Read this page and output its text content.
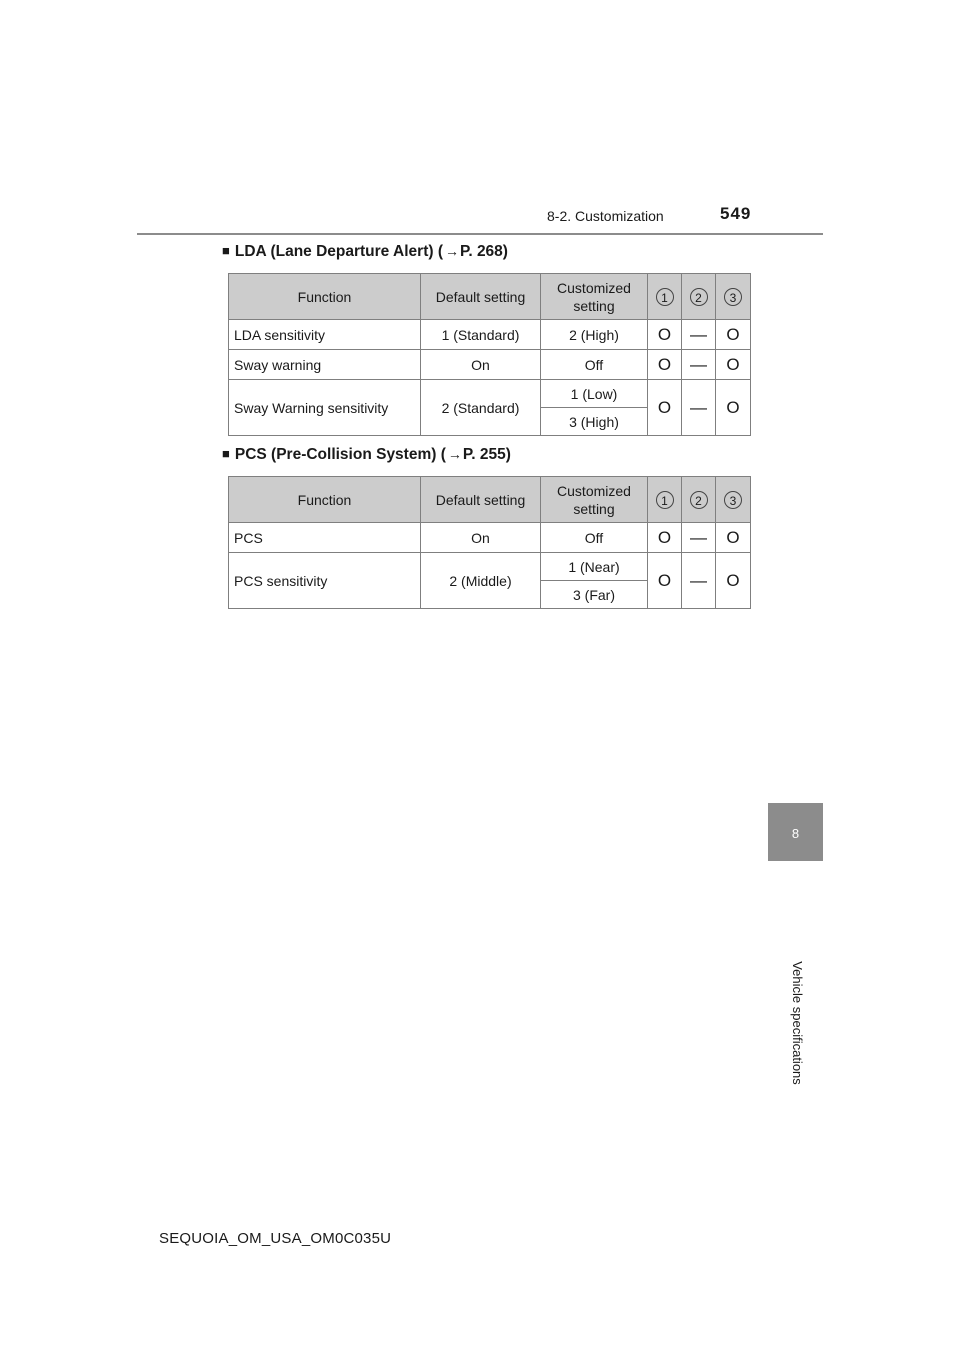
8-2. Customization	549
■ LDA (Lane Departure Alert) ( →P. 268)
Function	Default setting	Customized setting	1	2	3
LDA sensitivity	1 (Standard)	2 (High)	O	—	O
Sway warning	On	Off	O	—	O
Sway Warning sensitivity	2 (Standard)	1 (Low)	O	—	O
		3 (High)			
■ PCS (Pre-Collision System) ( →P. 255)
Function	Default setting	Customized setting	1	2	3
PCS	On	Off	O	—	O
PCS sensitivity	2 (Middle)	1 (Near)	O	—	O
		3 (Far)			
8
Vehicle specifications
SEQUOIA_OM_USA_OM0C035U
